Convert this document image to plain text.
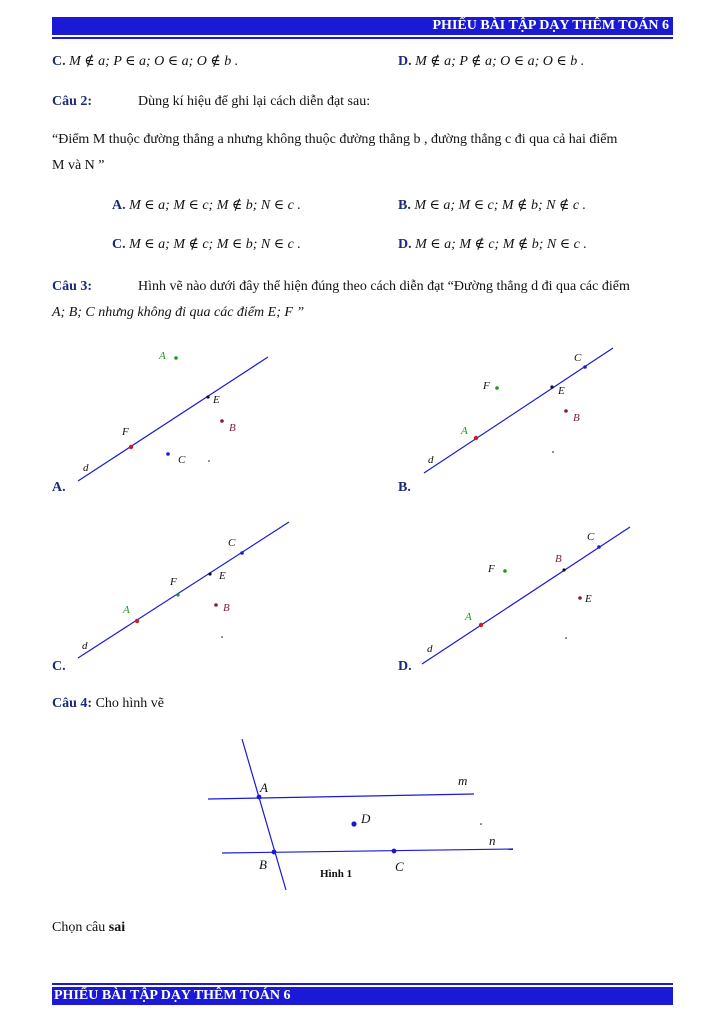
PHIẾU BÀI TẬP DẠY THÊM TOÁN 6
C. M ∉ a; P ∈ a; O ∈ a; O ∉ b .	D. M ∉ a; P ∉ a; O ∈ a; O ∈ b .
Câu 2:	Dùng kí hiệu để ghi lại cách diễn đạt sau:
“Điểm M thuộc đường thẳng a nhưng không thuộc đường thẳng b , đường thẳng c đi qua cả hai điểm
M và N ”
A. M ∈ a; M ∈ c; M ∉ b; N ∈ c .	B. M ∈ a; M ∈ c; M ∉ b; N ∉ c .
C. M ∈ a; M ∉ c; M ∈ b; N ∈ c .	D. M ∈ a; M ∉ c; M ∉ b; N ∈ c .
Câu 3:	Hình vẽ nào dưới đây thể hiện đúng theo cách diễn đạt “Đường thẳng d đi qua các điểm
A; B; C nhưng không đi qua các điểm E; F ”
A.	B.
C.	D.
Câu 4: Cho hình vẽ
Chọn câu sai
d
A
E
F	B
C	d
C
F	E
A
B
d
C
F	E
A	B
d
C
B
F
E
A
A	m
D
n
B	C
Hình 1
PHIẾU BÀI TẬP DẠY THÊM TOÁN 6
